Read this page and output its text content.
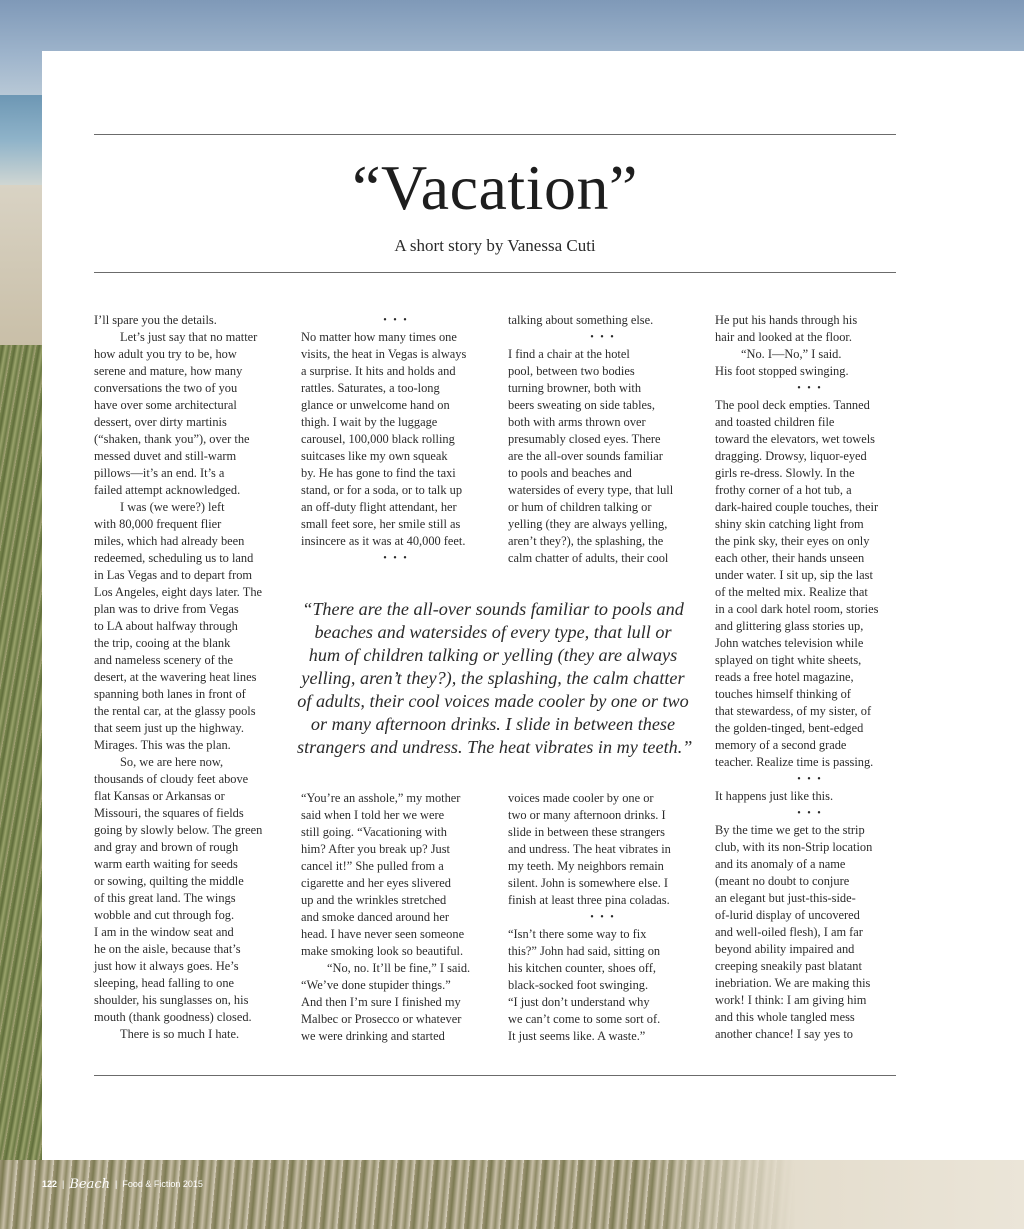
“Vacation”
A short story by Vanessa Cuti

I’ll spare you the details.

Let’s just say that no matter

how adult you try to be, how

serene and mature, how many

conversations the two of you

have over some architectural

dessert, over dirty martinis

(“shaken, thank you”), over the

messed duvet and still-warm

pillows—it’s an end. It’s a

failed attempt acknowledged.

I was (we were?) left

with 80,000 frequent flier

miles, which had already been

redeemed, scheduling us to land

in Las Vegas and to depart from

Los Angeles, eight days later. The

plan was to drive from Vegas

to LA about halfway through

the trip, cooing at the blank

and nameless scenery of the

desert, at the wavering heat lines

spanning both lanes in front of

the rental car, at the glassy pools

that seem just up the highway.

Mirages. This was the plan.

So, we are here now,

thousands of cloudy feet above

flat Kansas or Arkansas or

Missouri, the squares of fields

going by slowly below. The green

and gray and brown of rough

warm earth waiting for seeds

or sowing, quilting the middle

of this great land. The wings

wobble and cut through fog.

I am in the window seat and

he on the aisle, because that’s

just how it always goes. He’s

sleeping, head falling to one

shoulder, his sunglasses on, his

mouth (thank goodness) closed.

There is so much I hate.

• • •

No matter how many times one

visits, the heat in Vegas is always

a surprise. It hits and holds and

rattles. Saturates, a too-long

glance or unwelcome hand on

thigh. I wait by the luggage

carousel, 100,000 black rolling

suitcases like my own squeak

by. He has gone to find the taxi

stand, or for a soda, or to talk up

an off-duty flight attendant, her

small feet sore, her smile still as

insincere as it was at 40,000 feet.

• • •

talking about something else.

• • •

I find a chair at the hotel

pool, between two bodies

turning browner, both with

beers sweating on side tables,

both with arms thrown over

presumably closed eyes. There

are the all-over sounds familiar

to pools and beaches and

watersides of every type, that lull

or hum of children talking or

yelling (they are always yelling,

aren’t they?), the splashing, the

calm chatter of adults, their cool

He put his hands through his

hair and looked at the floor.

“No. I—No,” I said.

His foot stopped swinging.

• • •

The pool deck empties. Tanned

and toasted children file

toward the elevators, wet towels

dragging. Drowsy, liquor-eyed

girls re-dress. Slowly. In the

frothy corner of a hot tub, a

dark-haired couple touches, their

shiny skin catching light from

the pink sky, their eyes on only

each other, their hands unseen

under water. I sit up, sip the last

of the melted mix. Realize that

in a cool dark hotel room, stories

and glittering glass stories up,

John watches television while

splayed on tight white sheets,

reads a free hotel magazine,

touches himself thinking of

that stewardess, of my sister, of

the golden-tinged, bent-edged

memory of a second grade

teacher. Realize time is passing.

• • •

It happens just like this.

• • •

By the time we get to the strip

club, with its non-Strip location

and its anomaly of a name

(meant no doubt to conjure

an elegant but just-this-side-

of-lurid display of uncovered

and well-oiled flesh), I am far

beyond ability impaired and

creeping sneakily past blatant

inebriation. We are making this

work! I think: I am giving him

and this whole tangled mess

another chance! I say yes to

“You’re an asshole,” my mother

said when I told her we were

still going. “Vacationing with

him? After you break up? Just

cancel it!” She pulled from a

cigarette and her eyes slivered

up and the wrinkles stretched

and smoke danced around her

head. I have never seen someone

make smoking look so beautiful.

“No, no. It’ll be fine,” I said.

“We’ve done stupider things.”

And then I’m sure I finished my

Malbec or Prosecco or whatever

we were drinking and started

voices made cooler by one or

two or many afternoon drinks. I

slide in between these strangers

and undress. The heat vibrates in

my teeth. My neighbors remain

silent. John is somewhere else. I

finish at least three pina coladas.

• • •

“Isn’t there some way to fix

this?” John had said, sitting on

his kitchen counter, shoes off,

black-socked foot swinging.

“I just don’t understand why

we can’t come to some sort of.

It just seems like. A waste.”

“There are the all-over sounds familiar to pools and

beaches and watersides of every type, that lull or

hum of children talking or yelling (they are always

yelling, aren’t they?), the splashing, the calm chatter

of adults, their cool voices made cooler by one or two

or many afternoon drinks. I slide in between these

strangers and undress. The heat vibrates in my teeth.”

122 | Beach | Food & Fiction 2015
